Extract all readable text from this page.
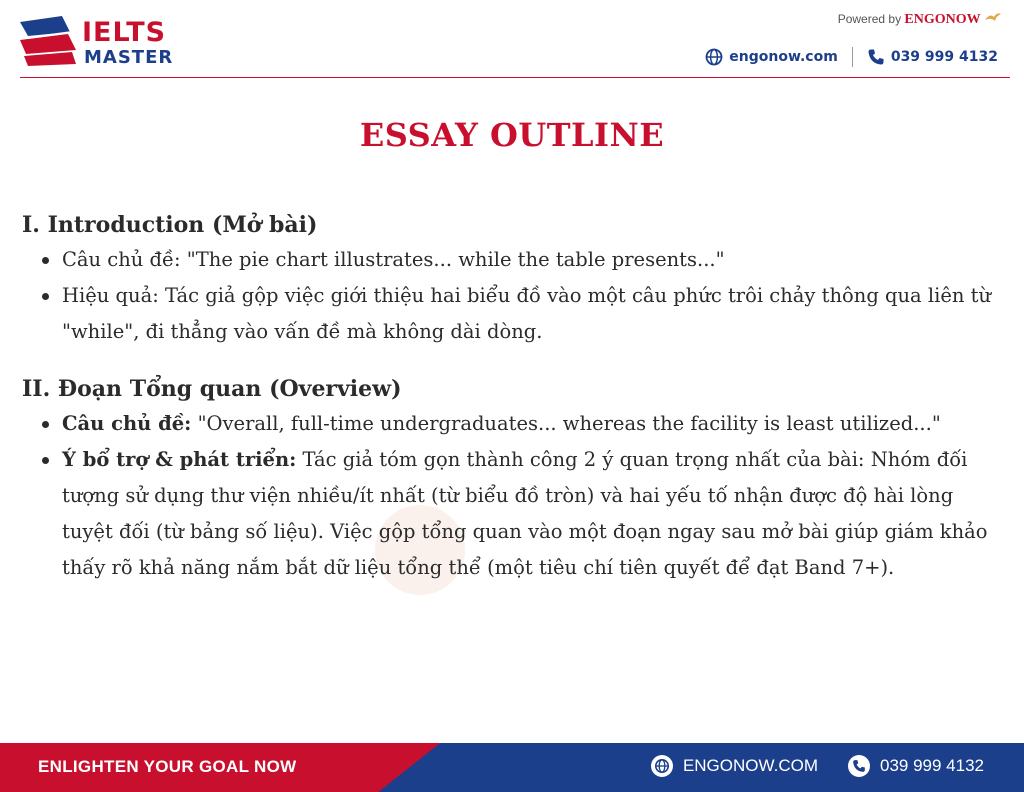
IELTS
MASTER
Powered by ENGONOW
engonow.com	039 999 4132
ESSAY OUTLINE
I. Introduction (Mở bài)
Câu chủ đề: "The pie chart illustrates... while the table presents..."
Hiệu quả: Tác giả gộp việc giới thiệu hai biểu đồ vào một câu phức trôi chảy thông qua liên từ "while", đi thẳng vào vấn đề mà không dài dòng.
II. Đoạn Tổng quan (Overview)
Câu chủ đề: "Overall, full-time undergraduates... whereas the facility is least utilized..."
Ý bổ trợ & phát triển: Tác giả tóm gọn thành công 2 ý quan trọng nhất của bài: Nhóm đối tượng sử dụng thư viện nhiều/ít nhất (từ biểu đồ tròn) và hai yếu tố nhận được độ hài lòng tuyệt đối (từ bảng số liệu). Việc gộp tổng quan vào một đoạn ngay sau mở bài giúp giám khảo thấy rõ khả năng nắm bắt dữ liệu tổng thể (một tiêu chí tiên quyết để đạt Band 7+).
ENLIGHTEN YOUR GOAL NOW	ENGONOW.COM	039 999 4132
